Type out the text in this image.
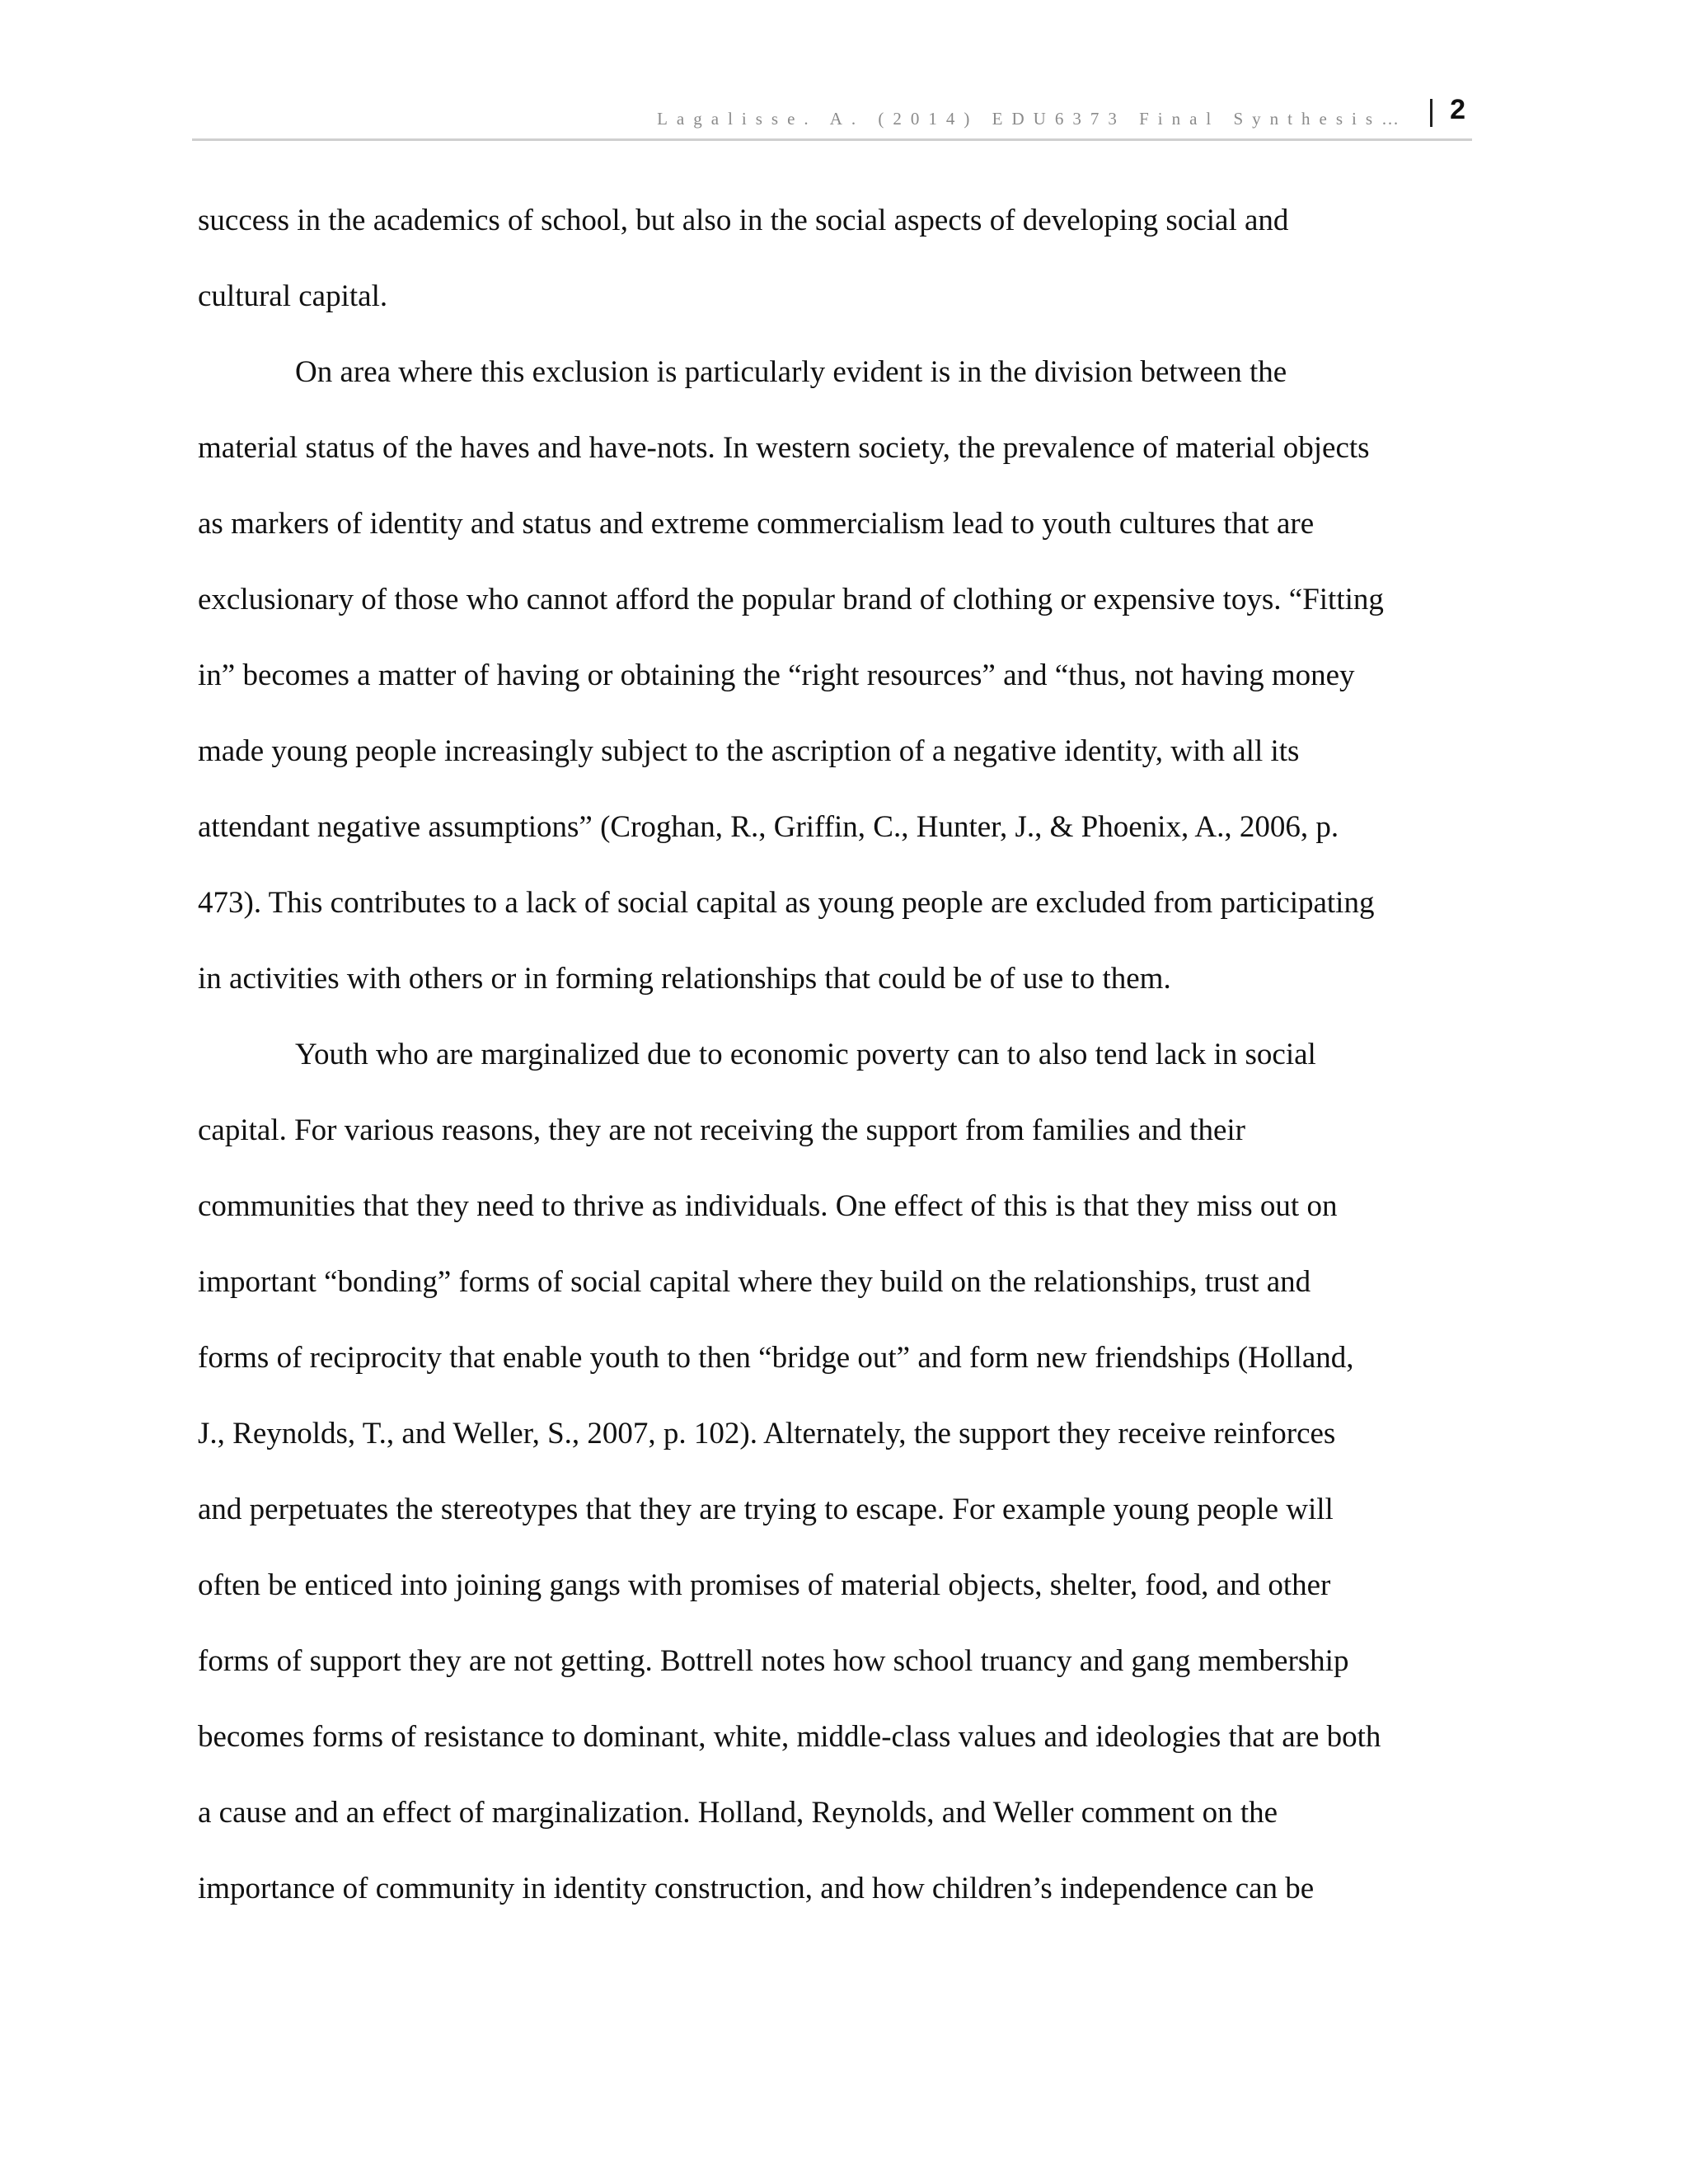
Lagalisse. A. (2014) EDU6373 Final Synthesis… 2
success in the academics of school, but also in the social aspects of developing social and
cultural capital.
On area where this exclusion is particularly evident is in the division between the
material status of the haves and have-nots. In western society, the prevalence of material objects
as markers of identity and status and extreme commercialism lead to youth cultures that are
exclusionary of those who cannot afford the popular brand of clothing or expensive toys. “Fitting
in” becomes a matter of having or obtaining the “right resources” and “thus, not having money
made young people increasingly subject to the ascription of a negative identity, with all its
attendant negative assumptions” (Croghan, R., Griffin, C., Hunter, J., & Phoenix, A., 2006, p.
473). This contributes to a lack of social capital as young people are excluded from participating
in activities with others or in forming relationships that could be of use to them.
Youth who are marginalized due to economic poverty can to also tend lack in social
capital. For various reasons, they are not receiving the support from families and their
communities that they need to thrive as individuals. One effect of this is that they miss out on
important “bonding” forms of social capital where they build on the relationships, trust and
forms of reciprocity that enable youth to then “bridge out” and form new friendships (Holland,
J., Reynolds, T., and Weller, S., 2007, p. 102). Alternately, the support they receive reinforces
and perpetuates the stereotypes that they are trying to escape. For example young people will
often be enticed into joining gangs with promises of material objects, shelter, food, and other
forms of support they are not getting. Bottrell notes how school truancy and gang membership
becomes forms of resistance to dominant, white, middle-class values and ideologies that are both
a cause and an effect of marginalization. Holland, Reynolds, and Weller comment on the
importance of community in identity construction, and how children’s independence can be
